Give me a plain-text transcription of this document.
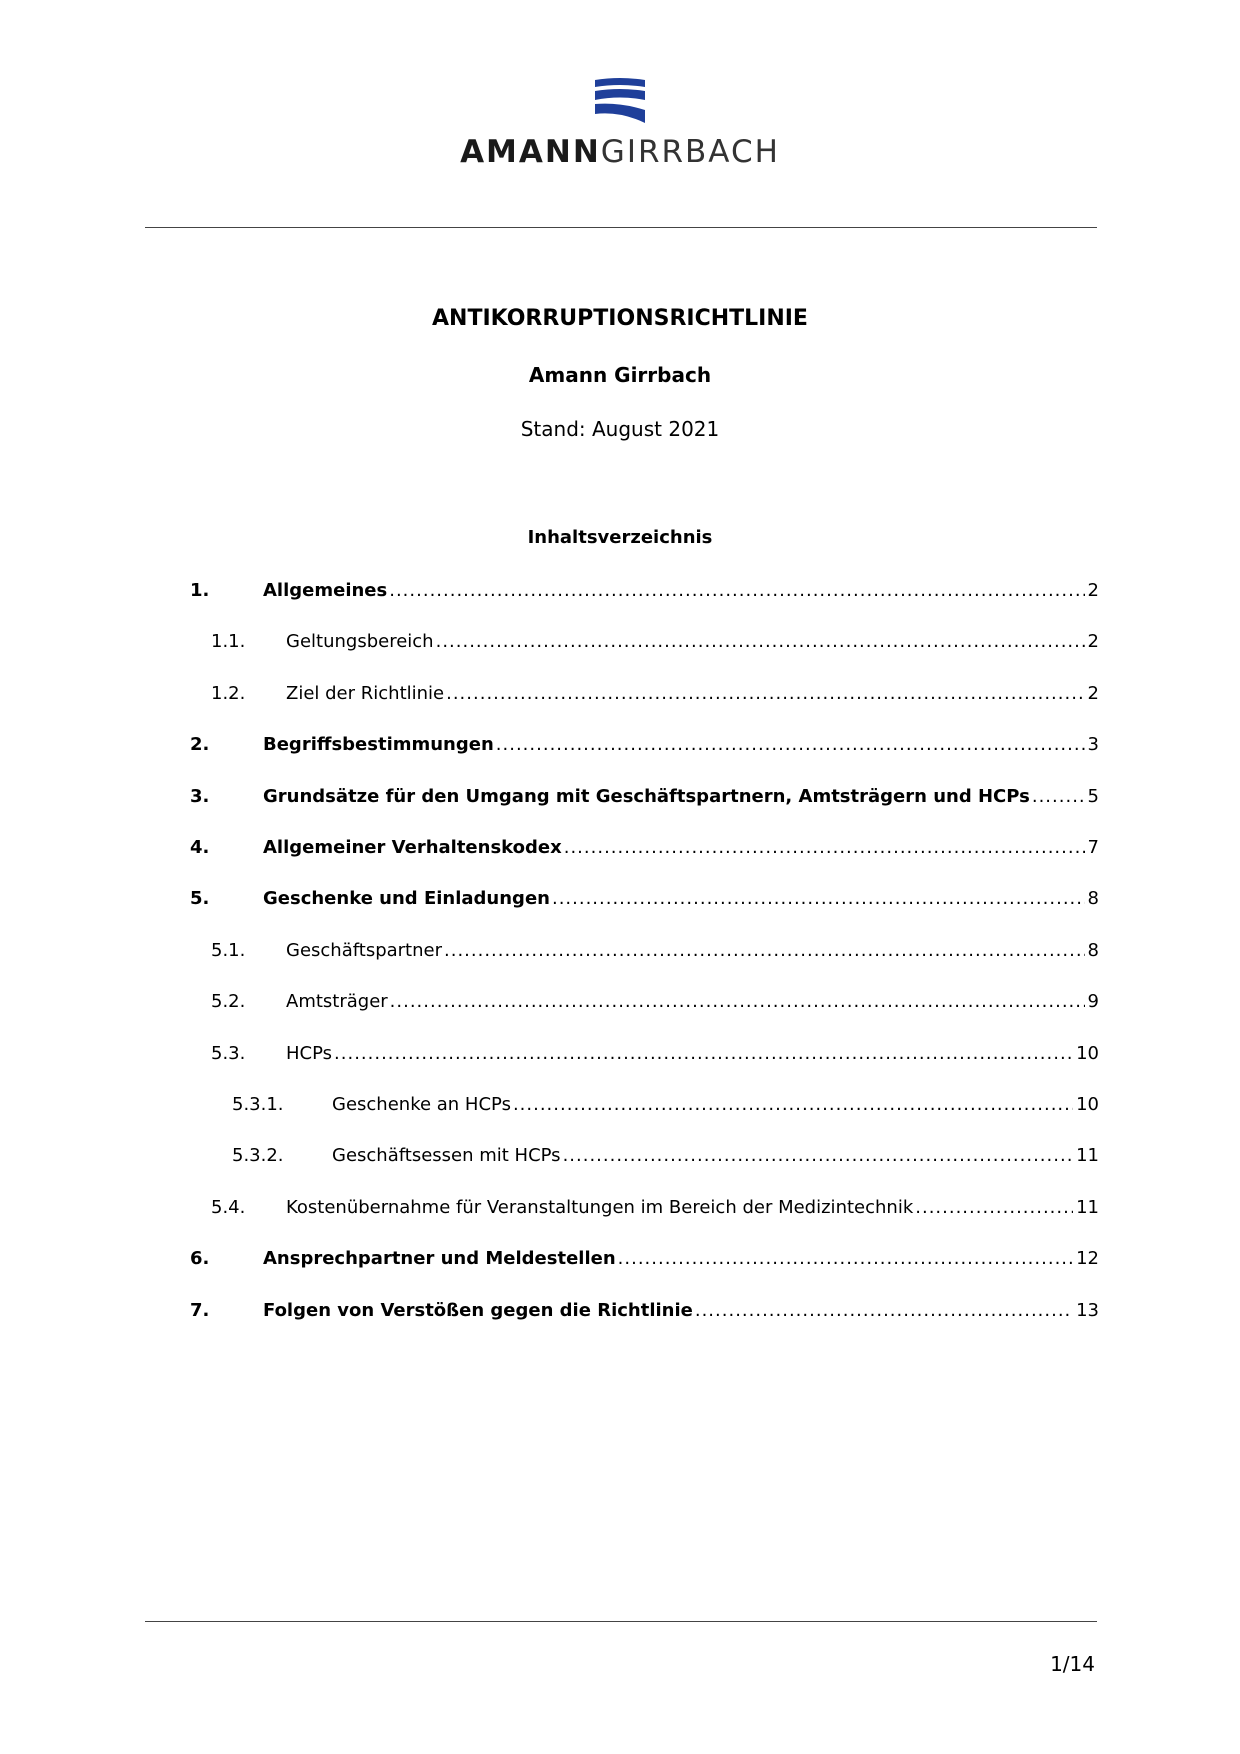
AMANNGIRRBACH
ANTIKORRUPTIONSRICHTLINIE
Amann Girrbach
Stand: August 2021
Inhaltsverzeichnis
1.	Allgemeines .....	2
1.1.	Geltungsbereich .....	2
1.2.	Ziel der Richtlinie .....	2
2.	Begriffsbestimmungen .....	3
3.	Grundsätze für den Umgang mit Geschäftspartnern, Amtsträgern und HCPs .....	5
4.	Allgemeiner Verhaltenskodex .....	7
5.	Geschenke und Einladungen .....	8
5.1.	Geschäftspartner .....	8
5.2.	Amtsträger .....	9
5.3.	HCPs .....	10
5.3.1.	Geschenke an HCPs .....	10
5.3.2.	Geschäftsessen mit HCPs .....	11
5.4.	Kostenübernahme für Veranstaltungen im Bereich der Medizintechnik .....	11
6.	Ansprechpartner und Meldestellen .....	12
7.	Folgen von Verstößen gegen die Richtlinie .....	13
1/14
